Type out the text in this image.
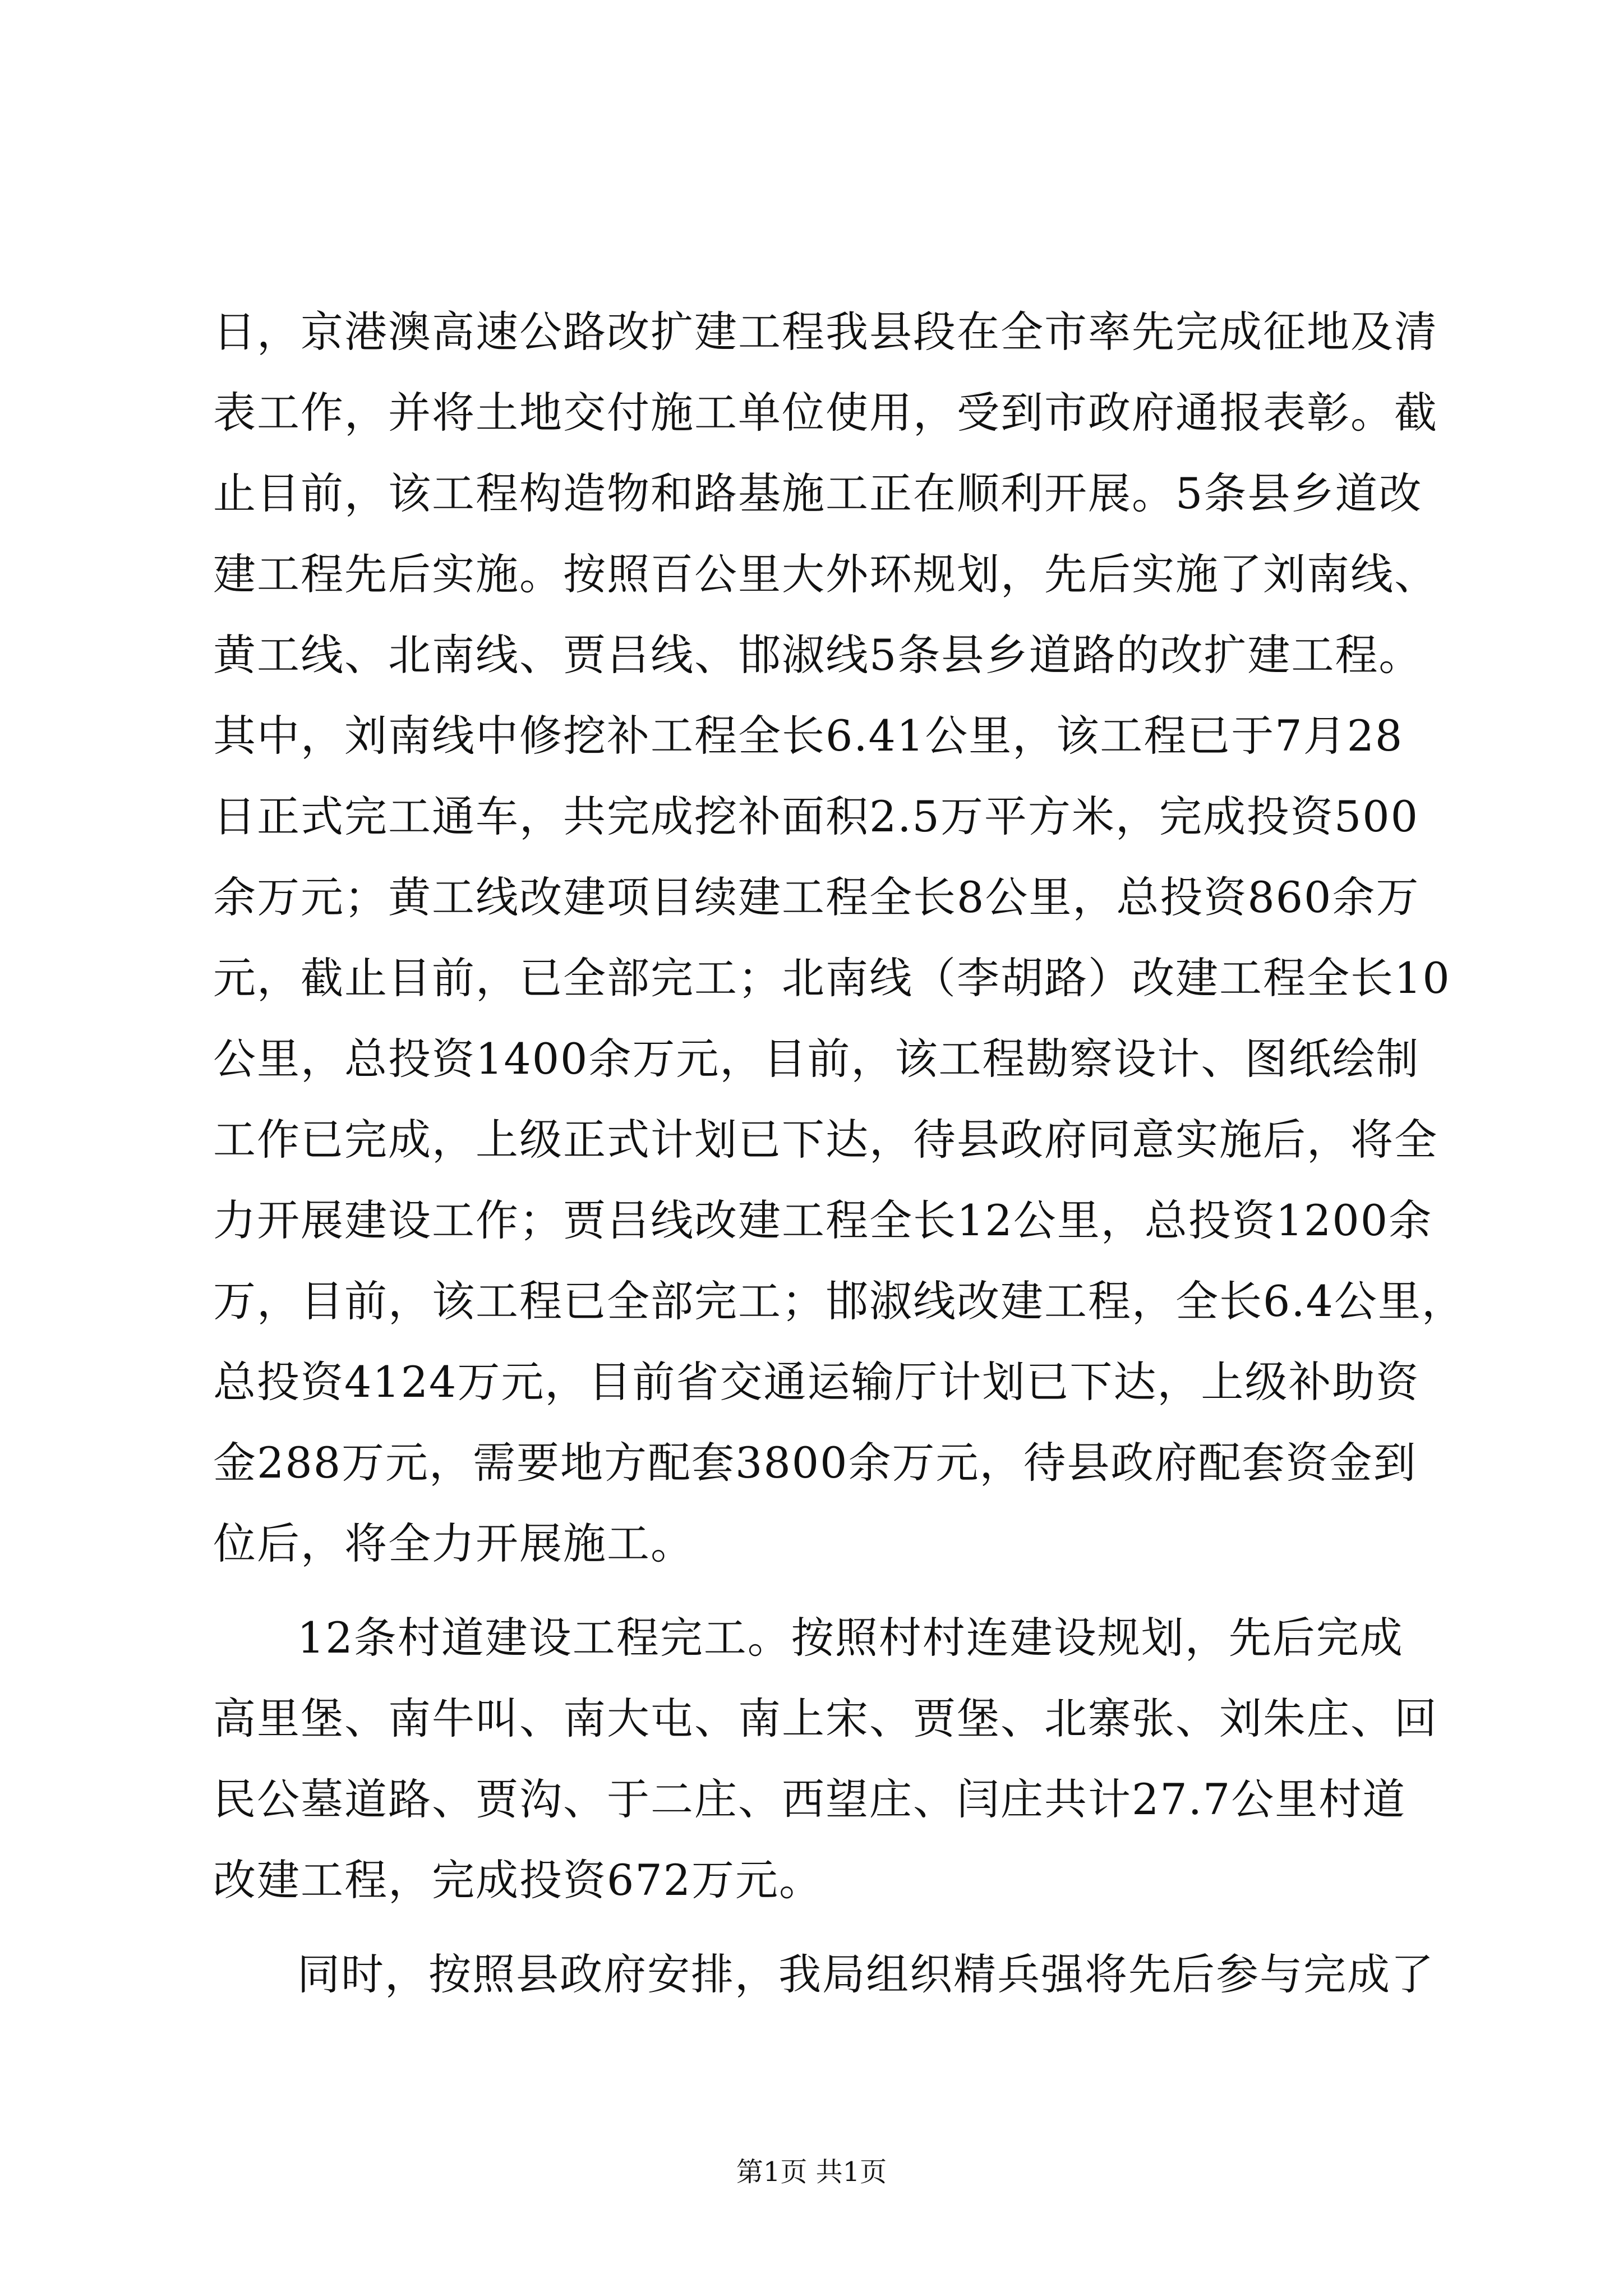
日，京港澳高速公路改扩建工程我县段在全市率先完成征地及清
表工作，并将土地交付施工单位使用，受到市政府通报表彰。截
止目前，该工程构造物和路基施工正在顺利开展。5条县乡道改
建工程先后实施。按照百公里大外环规划，先后实施了刘南线、
黄工线、北南线、贾吕线、邯淑线5条县乡道路的改扩建工程。
其中，刘南线中修挖补工程全长6.41公里，该工程已于7月28
日正式完工通车，共完成挖补面积2.5万平方米，完成投资500
余万元；黄工线改建项目续建工程全长8公里，总投资860余万
元，截止目前，已全部完工；北南线（李胡路）改建工程全长10
公里，总投资1400余万元，目前，该工程勘察设计、图纸绘制
工作已完成，上级正式计划已下达，待县政府同意实施后，将全
力开展建设工作；贾吕线改建工程全长12公里，总投资1200余
万，目前，该工程已全部完工；邯淑线改建工程，全长6.4公里，
总投资4124万元，目前省交通运输厅计划已下达，上级补助资
金288万元，需要地方配套3800余万元，待县政府配套资金到
位后，将全力开展施工。
12条村道建设工程完工。按照村村连建设规划，先后完成
高里堡、南牛叫、南大屯、南上宋、贾堡、北寨张、刘朱庄、回
民公墓道路、贾沟、于二庄、西望庄、闫庄共计27.7公里村道
改建工程，完成投资672万元。
同时，按照县政府安排，我局组织精兵强将先后参与完成了
第1页 共1页
